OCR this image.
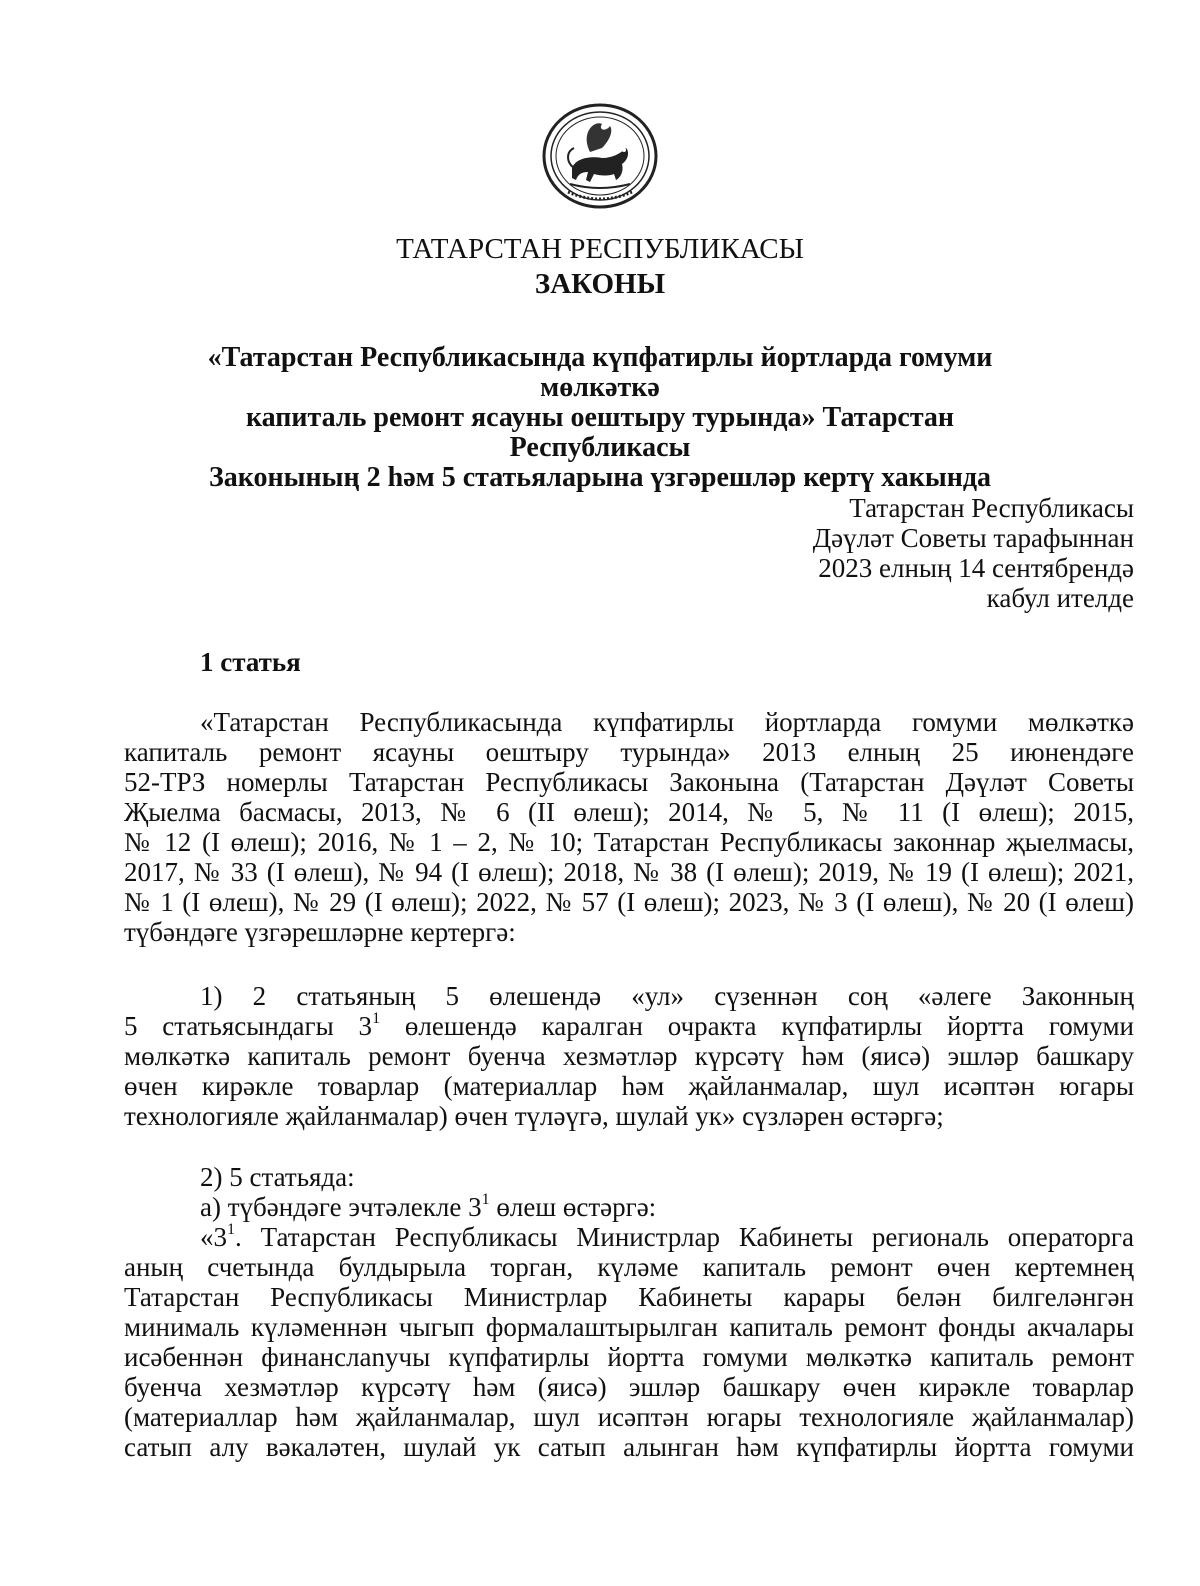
ТАТАРСТАН РЕСПУБЛИКАСЫ
ЗАКОНЫ
«Татарстан Республикасында күпфатирлы йортларда гомуми мөлкәткә
капиталь ремонт ясауны оештыру турында» Татарстан Республикасы
Законының 2 һәм 5 статьяларына үзгәрешләр кертү хакында
Татарстан Республикасы
Дәүләт Советы тарафыннан
2023 елның 14 сентябрендә
кабул ителде
1 статья
«Татарстан Республикасында күпфатирлы йортларда гомуми мөлкәткә
капиталь ремонт ясауны оештыру турында» 2013 елның 25 июнендәге
52-ТРЗ номерлы Татарстан Республикасы Законына (Татарстан Дәүләт Советы
Җыелма басмасы, 2013, № 6 (II өлеш); 2014, № 5, № 11 (I өлеш); 2015,
№ 12 (I өлеш); 2016, № 1 – 2, № 10; Татарстан Республикасы законнар җыелмасы,
2017, № 33 (I өлеш), № 94 (I өлеш); 2018, № 38 (I өлеш); 2019, № 19 (I өлеш); 2021,
№ 1 (I өлеш), № 29 (I өлеш); 2022, № 57 (I өлеш); 2023, № 3 (I өлеш), № 20 (I өлеш)
түбәндәге үзгәрешләрне кертергә:
1) 2 статьяның 5 өлешендә «ул» сүзеннән соң «әлеге Законның
5 статьясындагы $3^1$ өлешендә каралган очракта күпфатирлы йортта гомуми
мөлкәткә капиталь ремонт буенча хезмәтләр күрсәтү һәм (яисә) эшләр башкару
өчен кирәкле товарлар (материаллар һәм җайланмалар, шул исәптән югары
технологияле җайланмалар) өчен түләүгә, шулай ук» сүзләрен өстәргә;
2) 5 статьяда:
а) түбәндәге эчтәлекле $3^1$ өлеш өстәргә:
«$3^1$. Татарстан Республикасы Министрлар Кабинеты региональ операторга
аның счетында булдырыла торган, күләме капиталь ремонт өчен кертемнең
Татарстан Республикасы Министрлар Кабинеты карары белән билгеләнгән
минималь күләменнән чыгып формалаштырылган капиталь ремонт фонды акчалары
исәбеннән финанслanучы күпфатирлы йортта гомуми мөлкәткә капиталь ремонт
буенча хезмәтләр күрсәтү һәм (яисә) эшләр башкару өчен кирәкле товарлар
(материаллар һәм җайланмалар, шул исәптән югары технологияле җайланмалар)
сатып алу вәкаләтен, шулай ук сатып алынган һәм күпфатирлы йортта гомуми
